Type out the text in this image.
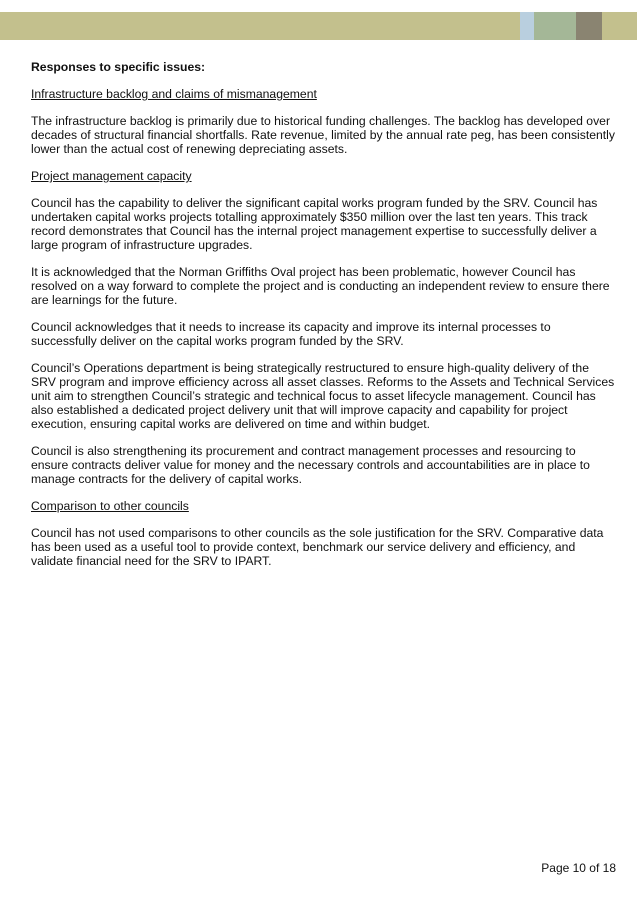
Responses to specific issues:

Infrastructure backlog and claims of mismanagement

The infrastructure backlog is primarily due to historical funding challenges. The backlog has developed over decades of structural financial shortfalls. Rate revenue, limited by the annual rate peg, has been consistently lower than the actual cost of renewing depreciating assets.

Project management capacity

Council has the capability to deliver the significant capital works program funded by the SRV. Council has undertaken capital works projects totalling approximately $350 million over the last ten years. This track record demonstrates that Council has the internal project management expertise to successfully deliver a large program of infrastructure upgrades.

It is acknowledged that the Norman Griffiths Oval project has been problematic, however Council has resolved on a way forward to complete the project and is conducting an independent review to ensure there are learnings for the future.

Council acknowledges that it needs to increase its capacity and improve its internal processes to successfully deliver on the capital works program funded by the SRV.

Council’s Operations department is being strategically restructured to ensure high-quality delivery of the SRV program and improve efficiency across all asset classes. Reforms to the Assets and Technical Services unit aim to strengthen Council’s strategic and technical focus to asset lifecycle management. Council has also established a dedicated project delivery unit that will improve capacity and capability for project execution, ensuring capital works are delivered on time and within budget.

Council is also strengthening its procurement and contract management processes and resourcing to ensure contracts deliver value for money and the necessary controls and accountabilities are in place to manage contracts for the delivery of capital works.

Comparison to other councils

Council has not used comparisons to other councils as the sole justification for the SRV. Comparative data has been used as a useful tool to provide context, benchmark our service delivery and efficiency, and validate financial need for the SRV to IPART.

Page 10 of 18
